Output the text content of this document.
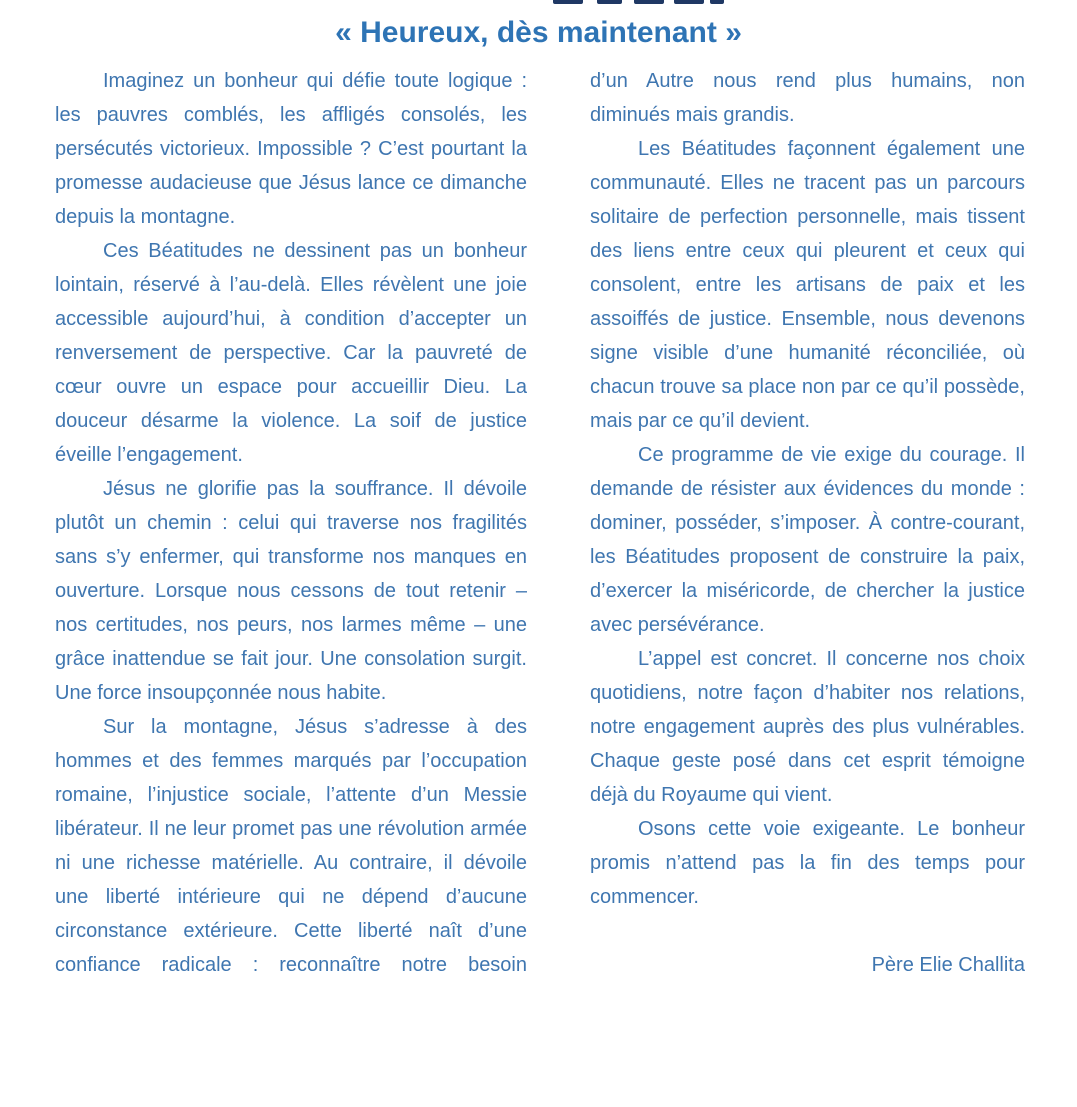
« Heureux, dès maintenant »

Imaginez un bonheur qui défie toute logique : les pauvres comblés, les affligés consolés, les persécutés victorieux. Impossible ? C’est pourtant la promesse audacieuse que Jésus lance ce dimanche depuis la montagne.

Ces Béatitudes ne dessinent pas un bonheur lointain, réservé à l’au-delà. Elles révèlent une joie accessible aujourd’hui, à condition d’accepter un renversement de perspective. Car la pauvreté de cœur ouvre un espace pour accueillir Dieu. La douceur désarme la violence. La soif de justice éveille l’engagement.

Jésus ne glorifie pas la souffrance. Il dévoile plutôt un chemin : celui qui traverse nos fragilités sans s’y enfermer, qui transforme nos manques en ouverture. Lorsque nous cessons de tout retenir – nos certitudes, nos peurs, nos larmes même – une grâce inattendue se fait jour. Une consolation surgit. Une force insoupçonnée nous habite.

Sur la montagne, Jésus s’adresse à des hommes et des femmes marqués par l’occupation romaine, l’injustice sociale, l’attente d’un Messie libérateur. Il ne leur promet pas une révolution armée ni une richesse matérielle. Au contraire, il dévoile une liberté intérieure qui ne dépend d’aucune circonstance extérieure. Cette liberté naît d’une confiance radicale : reconnaître notre besoin

d’un Autre nous rend plus humains, non diminués mais grandis.

Les Béatitudes façonnent également une communauté. Elles ne tracent pas un parcours solitaire de perfection personnelle, mais tissent des liens entre ceux qui pleurent et ceux qui consolent, entre les artisans de paix et les assoiffés de justice. Ensemble, nous devenons signe visible d’une humanité réconciliée, où chacun trouve sa place non par ce qu’il possède, mais par ce qu’il devient.

Ce programme de vie exige du courage. Il demande de résister aux évidences du monde : dominer, posséder, s’imposer. À contre-courant, les Béatitudes proposent de construire la paix, d’exercer la miséricorde, de chercher la justice avec persévérance.

L’appel est concret. Il concerne nos choix quotidiens, notre façon d’habiter nos relations, notre engagement auprès des plus vulnérables. Chaque geste posé dans cet esprit témoigne déjà du Royaume qui vient.

Osons cette voie exigeante. Le bonheur promis n’attend pas la fin des temps pour commencer.

Père Elie Challita
